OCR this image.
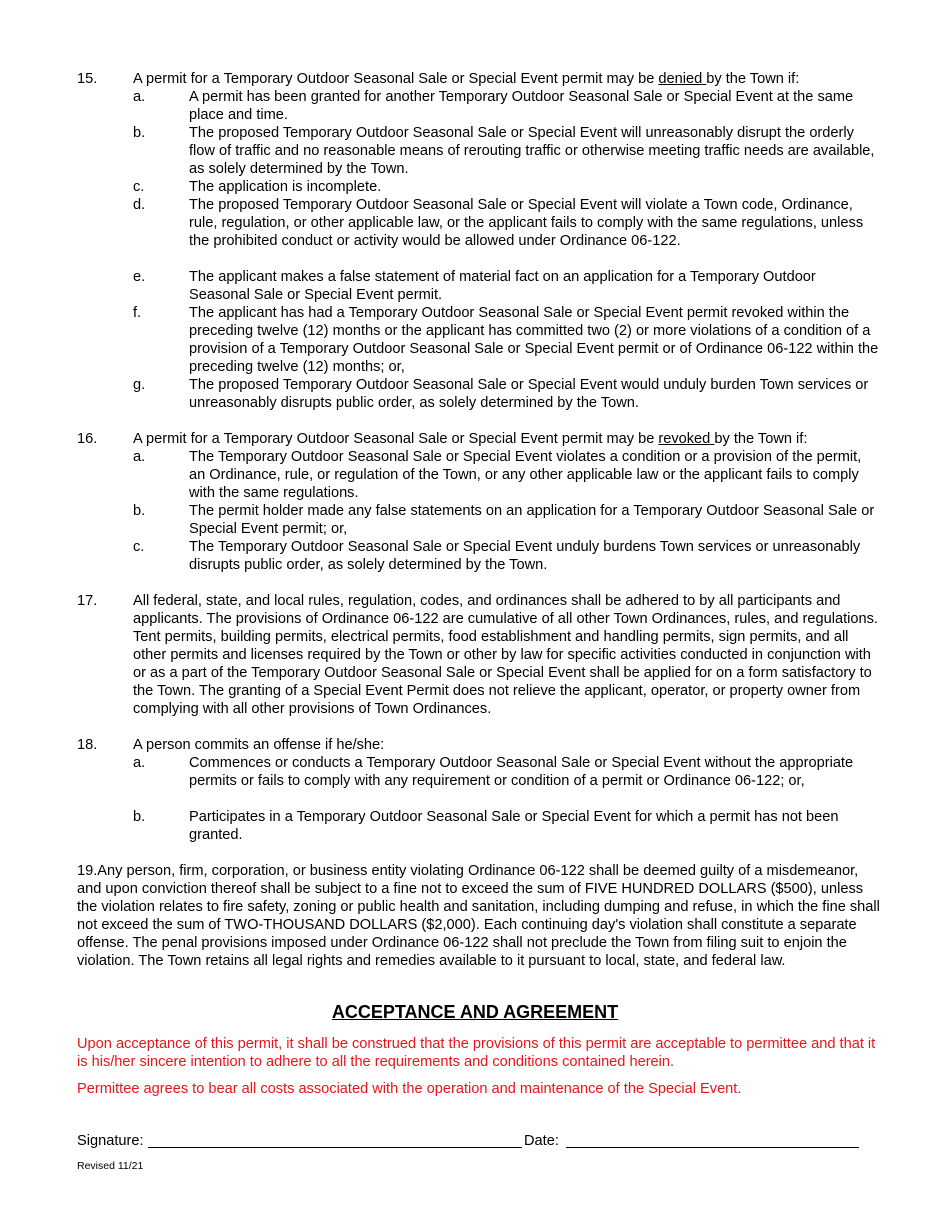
15. A permit for a Temporary Outdoor Seasonal Sale or Special Event permit may be denied by the Town if:
a.	A permit has been granted for another Temporary Outdoor Seasonal Sale or Special Event at the same place and time.
b.	The proposed Temporary Outdoor Seasonal Sale or Special Event will unreasonably disrupt the orderly flow of traffic and no reasonable means of rerouting traffic or otherwise meeting traffic needs are available, as solely determined by the Town.
c.	The application is incomplete.
d.	The proposed Temporary Outdoor Seasonal Sale or Special Event will violate a Town code, Ordinance, rule, regulation, or other applicable law, or the applicant fails to comply with the same regulations, unless the prohibited conduct or activity would be allowed under Ordinance 06-122.
e.	The applicant makes a false statement of material fact on an application for a Temporary Outdoor Seasonal Sale or Special Event permit.
f.	The applicant has had a Temporary Outdoor Seasonal Sale or Special Event permit revoked within the preceding twelve (12) months or the applicant has committed two (2) or more violations of a condition of a provision of a Temporary Outdoor Seasonal Sale or Special Event permit or of Ordinance 06-122 within the preceding twelve (12) months; or,
g.	The proposed Temporary Outdoor Seasonal Sale or Special Event would unduly burden Town services or unreasonably disrupts public order, as solely determined by the Town.
16. A permit for a Temporary Outdoor Seasonal Sale or Special Event permit may be revoked by the Town if:
a.	The Temporary Outdoor Seasonal Sale or Special Event violates a condition or a provision of the permit, an Ordinance, rule, or regulation of the Town, or any other applicable law or the applicant fails to comply with the same regulations.
b.	The permit holder made any false statements on an application for a Temporary Outdoor Seasonal Sale or Special Event permit; or,
c.	The Temporary Outdoor Seasonal Sale or Special Event unduly burdens Town services or unreasonably disrupts public order, as solely determined by the Town.
17. All federal, state, and local rules, regulation, codes, and ordinances shall be adhered to by all participants and applicants. The provisions of Ordinance 06-122 are cumulative of all other Town Ordinances, rules, and regulations. Tent permits, building permits, electrical permits, food establishment and handling permits, sign permits, and all other permits and licenses required by the Town or other by law for specific activities conducted in conjunction with or as a part of the Temporary Outdoor Seasonal Sale or Special Event shall be applied for on a form satisfactory to the Town. The granting of a Special Event Permit does not relieve the applicant, operator, or property owner from complying with all other provisions of Town Ordinances.
18. A person commits an offense if he/she:
a.	Commences or conducts a Temporary Outdoor Seasonal Sale or Special Event without the appropriate permits or fails to comply with any requirement or condition of a permit or Ordinance 06-122; or,
b.	Participates in a Temporary Outdoor Seasonal Sale or Special Event for which a permit has not been granted.
19.Any person, firm, corporation, or business entity violating Ordinance 06-122 shall be deemed guilty of a misdemeanor, and upon conviction thereof shall be subject to a fine not to exceed the sum of FIVE HUNDRED DOLLARS ($500), unless the violation relates to fire safety, zoning or public health and sanitation, including dumping and refuse, in which the fine shall not exceed the sum of TWO-THOUSAND DOLLARS ($2,000). Each continuing day's violation shall constitute a separate offense. The penal provisions imposed under Ordinance 06-122 shall not preclude the Town from filing suit to enjoin the violation. The Town retains all legal rights and remedies available to it pursuant to local, state, and federal law.
ACCEPTANCE AND AGREEMENT
Upon acceptance of this permit, it shall be construed that the provisions of this permit are acceptable to permittee and that it is his/her sincere intention to adhere to all the requirements and conditions contained herein.
Permittee agrees to bear all costs associated with the operation and maintenance of the Special Event.
Signature:	Date:
Revised 11/21
